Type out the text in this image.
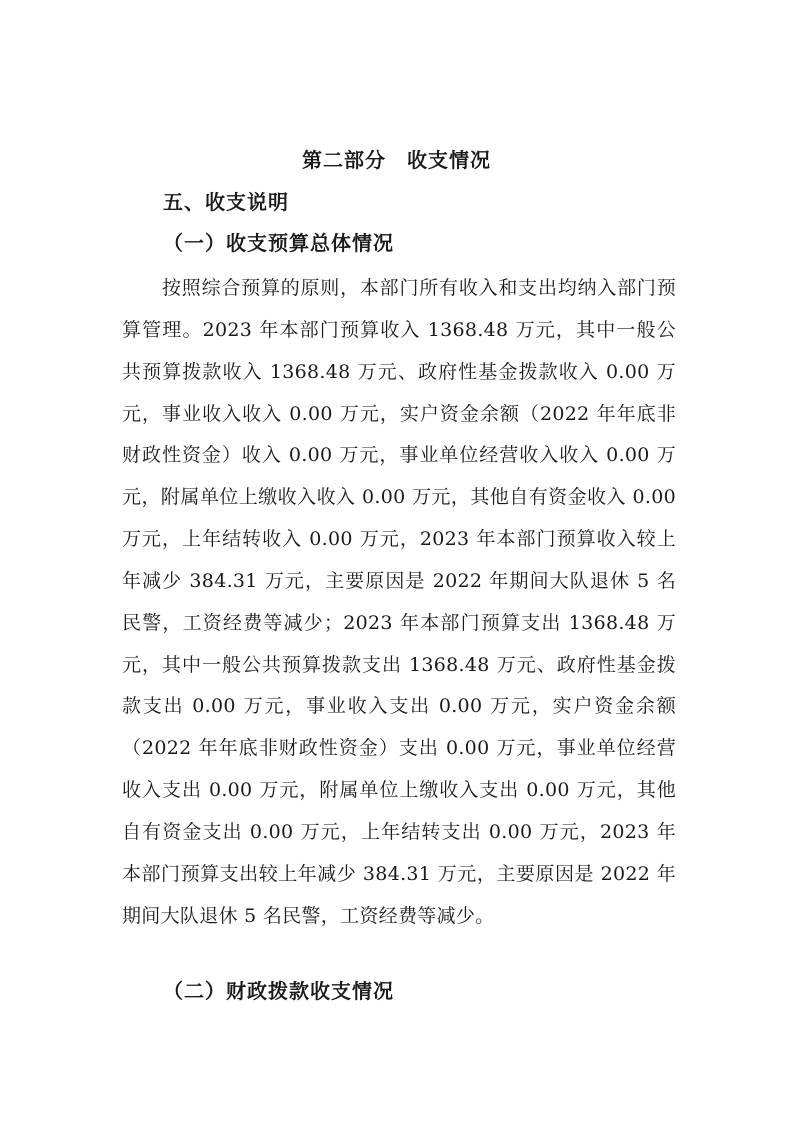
第二部分　收支情况
五、收支说明
（一）收支预算总体情况

按照综合预算的原则，本部门所有收入和支出均纳入部门预算管理。2023 年本部门预算收入 1368.48 万元，其中一般公共预算拨款收入 1368.48 万元、政府性基金拨款收入 0.00 万元，事业收入收入 0.00 万元，实户资金余额（2022 年年底非财政性资金）收入 0.00 万元，事业单位经营收入收入 0.00 万元，附属单位上缴收入收入 0.00 万元，其他自有资金收入 0.00 万元，上年结转收入 0.00 万元，2023 年本部门预算收入较上年减少 384.31 万元，主要原因是 2022 年期间大队退休 5 名民警，工资经费等减少；2023 年本部门预算支出 1368.48 万元，其中一般公共预算拨款支出 1368.48 万元、政府性基金拨款支出 0.00 万元，事业收入支出 0.00 万元，实户资金余额（2022 年年底非财政性资金）支出 0.00 万元，事业单位经营收入支出 0.00 万元，附属单位上缴收入支出 0.00 万元，其他自有资金支出 0.00 万元，上年结转支出 0.00 万元，2023 年本部门预算支出较上年减少 384.31 万元，主要原因是 2022 年期间大队退休 5 名民警，工资经费等减少。

（二）财政拨款收支情况
